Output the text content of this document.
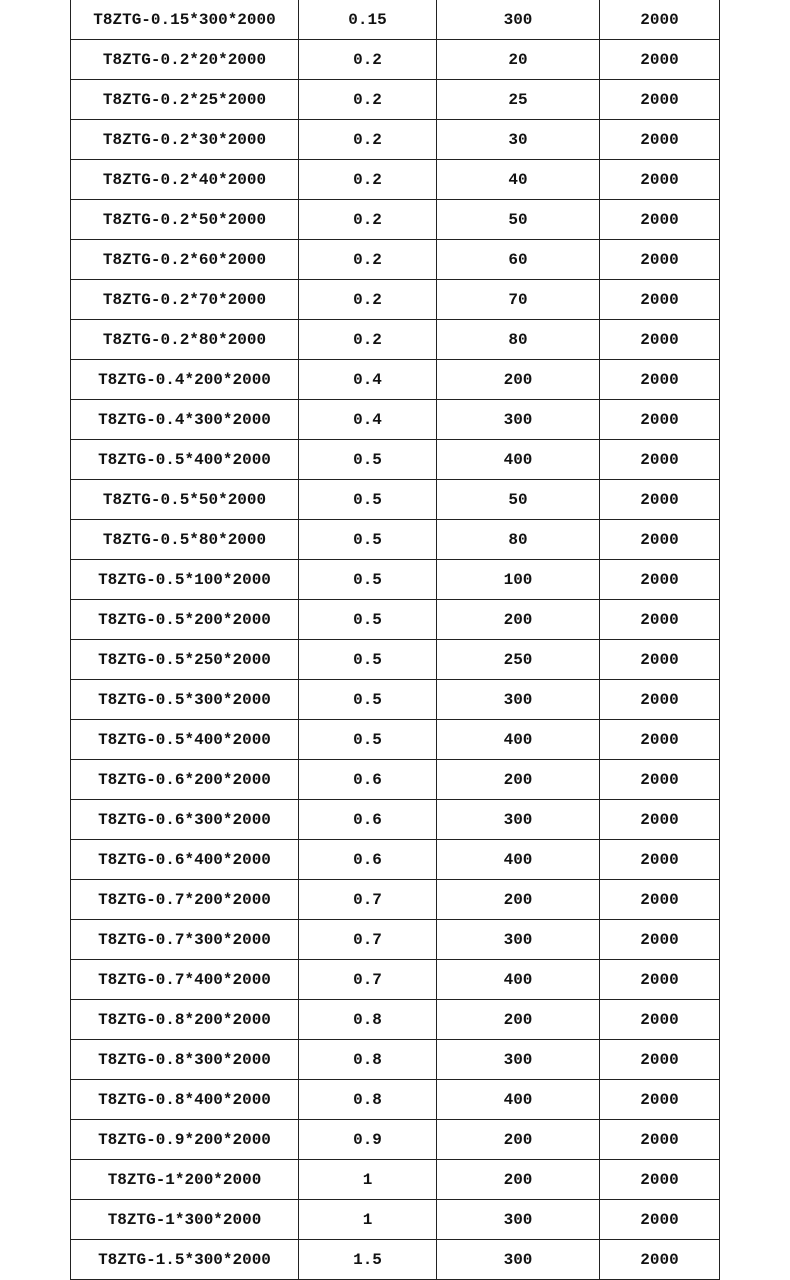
T8ZTG-0.15*300*2000	0.15	300	2000
T8ZTG-0.2*20*2000	0.2	20	2000
T8ZTG-0.2*25*2000	0.2	25	2000
T8ZTG-0.2*30*2000	0.2	30	2000
T8ZTG-0.2*40*2000	0.2	40	2000
T8ZTG-0.2*50*2000	0.2	50	2000
T8ZTG-0.2*60*2000	0.2	60	2000
T8ZTG-0.2*70*2000	0.2	70	2000
T8ZTG-0.2*80*2000	0.2	80	2000
T8ZTG-0.4*200*2000	0.4	200	2000
T8ZTG-0.4*300*2000	0.4	300	2000
T8ZTG-0.5*400*2000	0.5	400	2000
T8ZTG-0.5*50*2000	0.5	50	2000
T8ZTG-0.5*80*2000	0.5	80	2000
T8ZTG-0.5*100*2000	0.5	100	2000
T8ZTG-0.5*200*2000	0.5	200	2000
T8ZTG-0.5*250*2000	0.5	250	2000
T8ZTG-0.5*300*2000	0.5	300	2000
T8ZTG-0.5*400*2000	0.5	400	2000
T8ZTG-0.6*200*2000	0.6	200	2000
T8ZTG-0.6*300*2000	0.6	300	2000
T8ZTG-0.6*400*2000	0.6	400	2000
T8ZTG-0.7*200*2000	0.7	200	2000
T8ZTG-0.7*300*2000	0.7	300	2000
T8ZTG-0.7*400*2000	0.7	400	2000
T8ZTG-0.8*200*2000	0.8	200	2000
T8ZTG-0.8*300*2000	0.8	300	2000
T8ZTG-0.8*400*2000	0.8	400	2000
T8ZTG-0.9*200*2000	0.9	200	2000
T8ZTG-1*200*2000	1	200	2000
T8ZTG-1*300*2000	1	300	2000
T8ZTG-1.5*300*2000	1.5	300	2000
